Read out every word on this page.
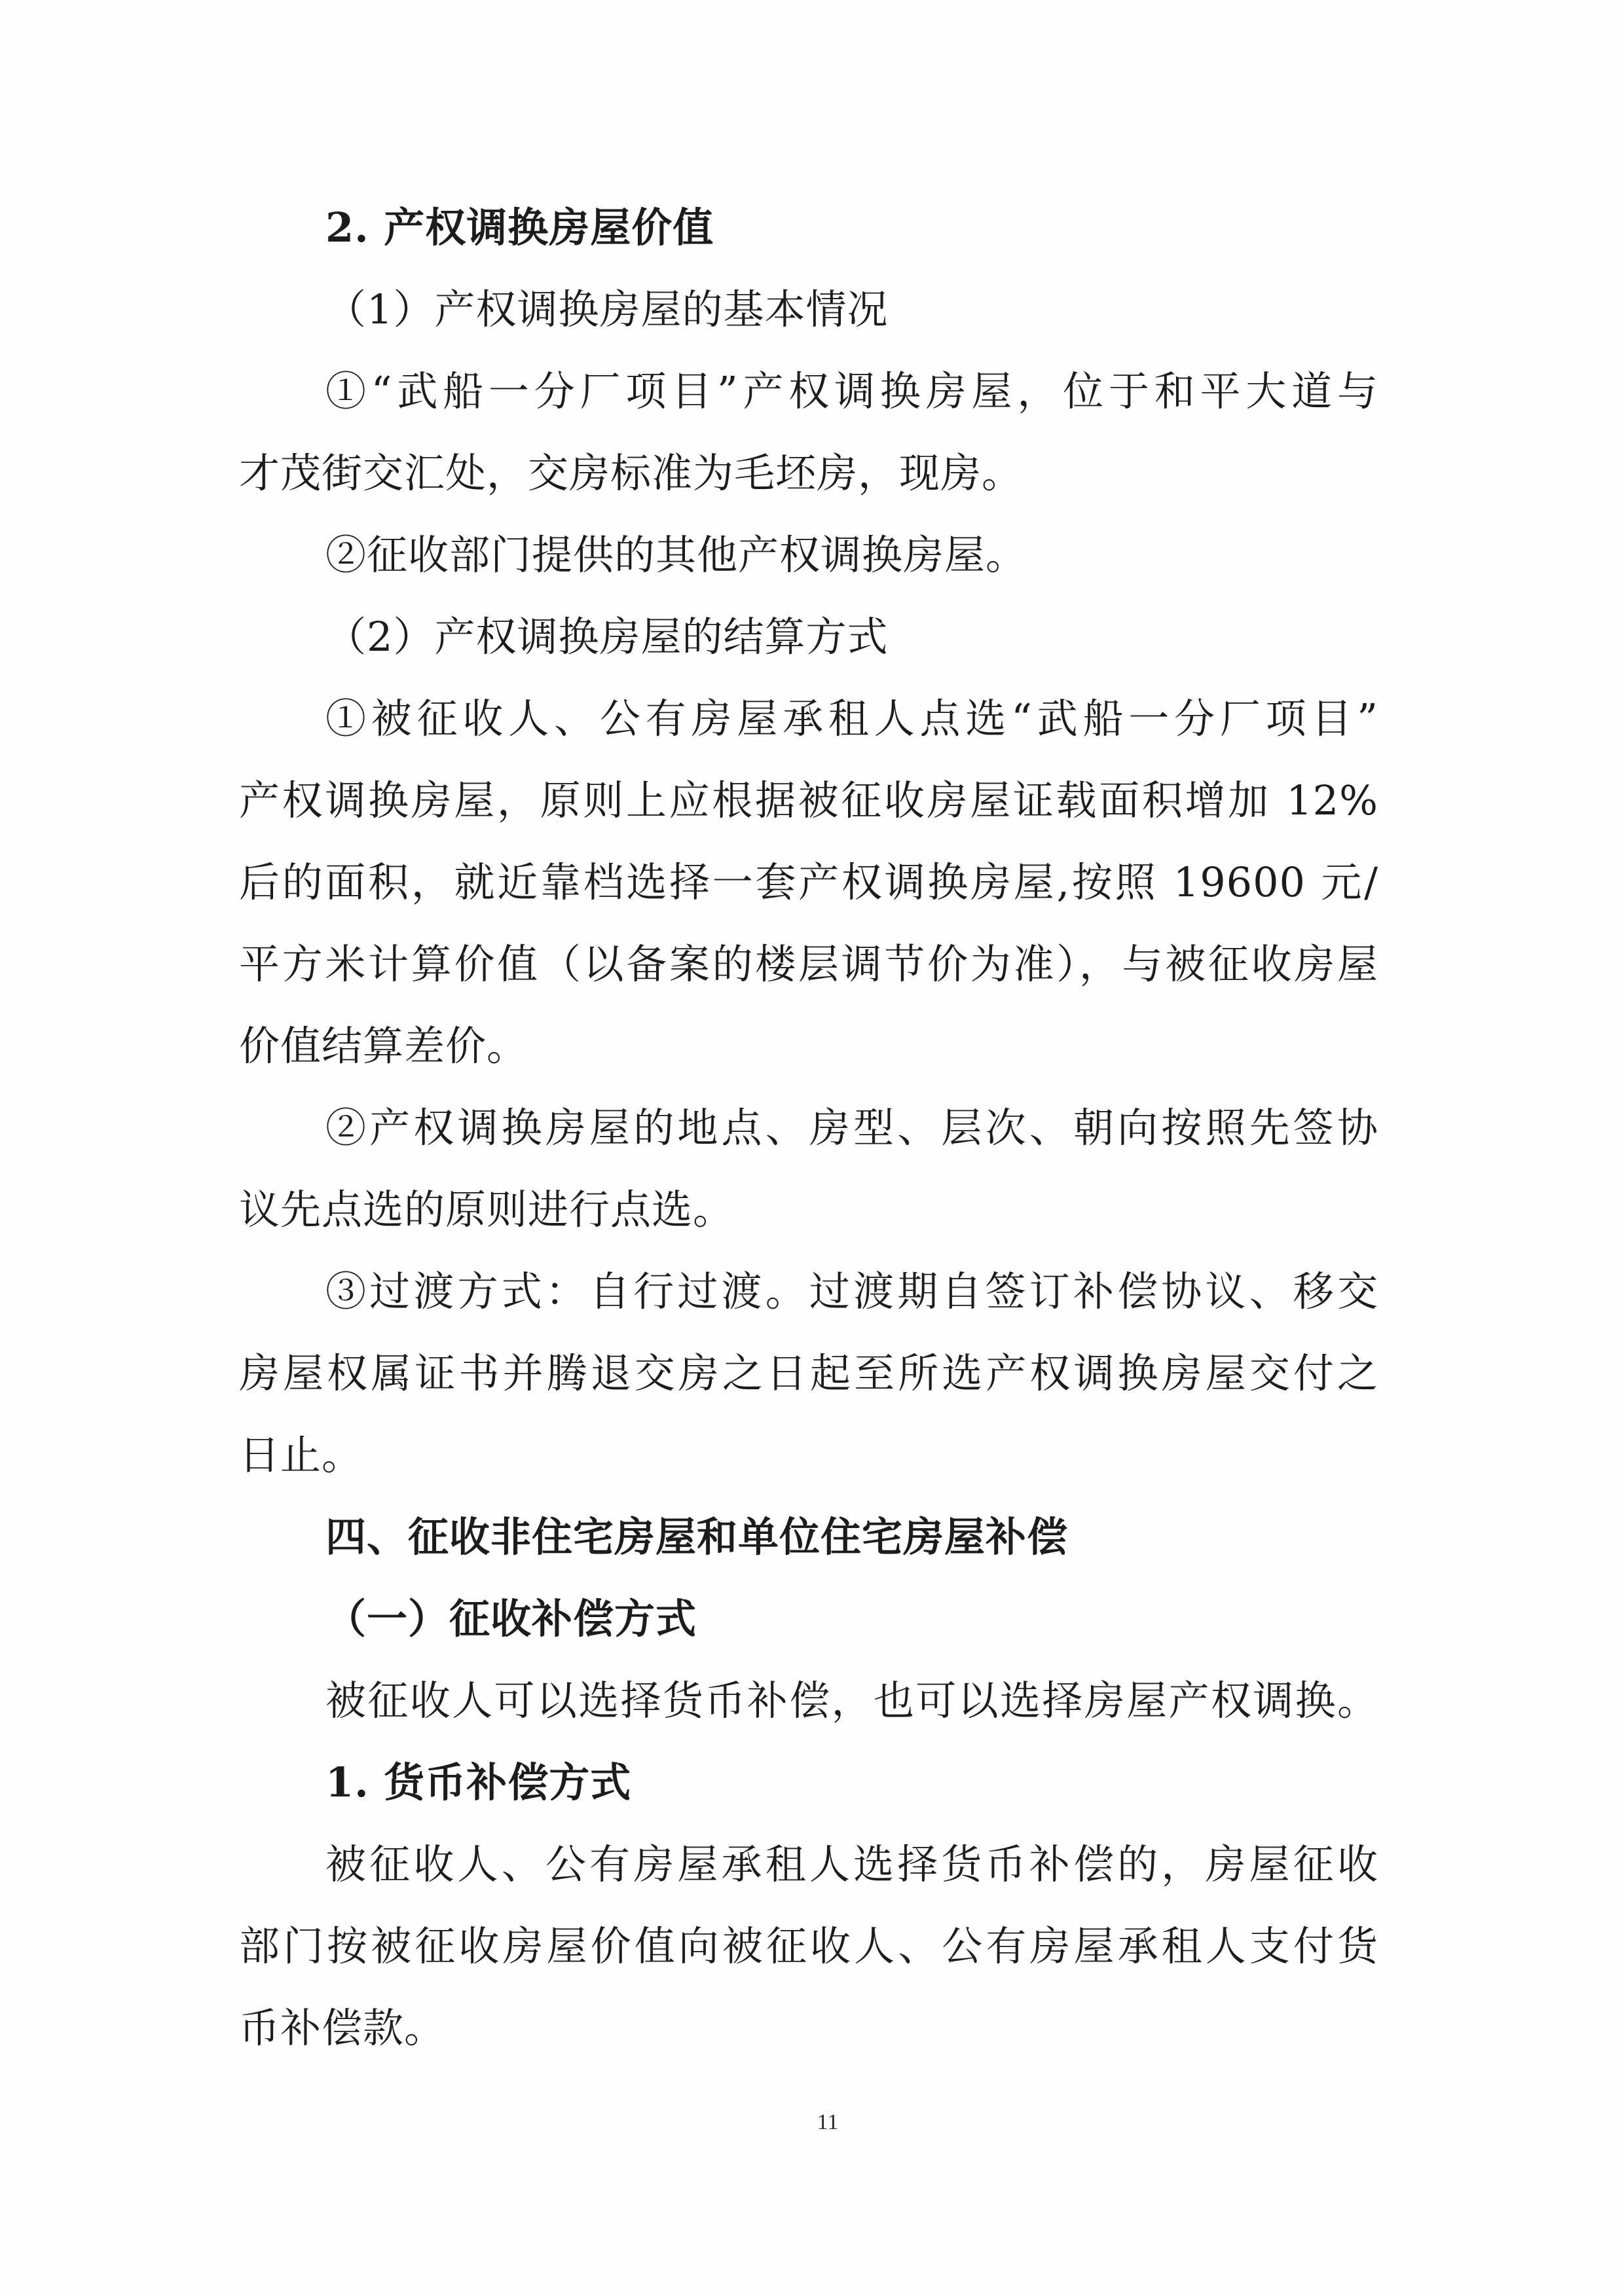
2. 产权调换房屋价值
（1）产权调换房屋的基本情况
①“武船一分厂项目”产权调换房屋，位于和平大道与
才茂街交汇处，交房标准为毛坯房，现房。
②征收部门提供的其他产权调换房屋。
（2）产权调换房屋的结算方式
①被征收人、公有房屋承租人点选“武船一分厂项目”
产权调换房屋，原则上应根据被征收房屋证载面积增加 12%
后的面积，就近靠档选择一套产权调换房屋,按照 19600 元/
平方米计算价值（以备案的楼层调节价为准），与被征收房屋
价值结算差价。
②产权调换房屋的地点、房型、层次、朝向按照先签协
议先点选的原则进行点选。
③过渡方式：自行过渡。过渡期自签订补偿协议、移交
房屋权属证书并腾退交房之日起至所选产权调换房屋交付之
日止。
四、征收非住宅房屋和单位住宅房屋补偿
（一）征收补偿方式
被征收人可以选择货币补偿，也可以选择房屋产权调换。
1. 货币补偿方式
被征收人、公有房屋承租人选择货币补偿的，房屋征收
部门按被征收房屋价值向被征收人、公有房屋承租人支付货
币补偿款。
11
